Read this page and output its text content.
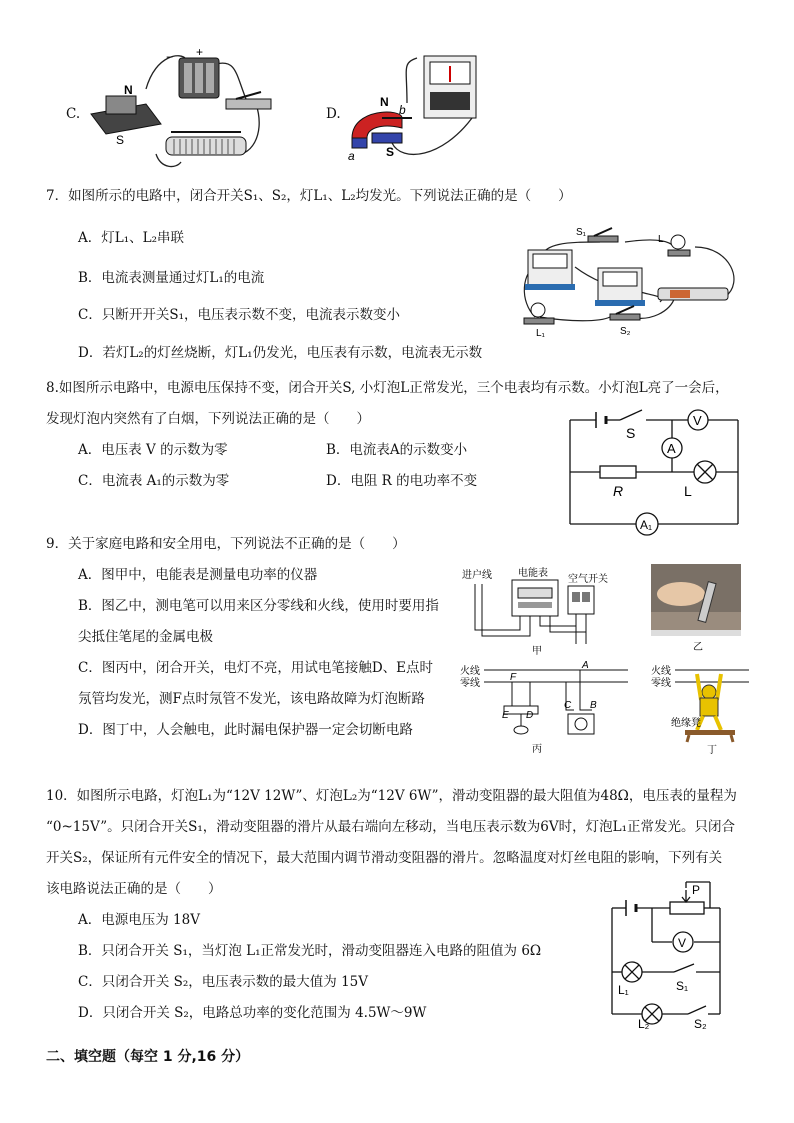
C.
− +
N
S
D.
N
b
S
a
7．如图所示的电路中，闭合开关S₁、S₂，灯L₁、L₂均发光。下列说法正确的是（　　）
A．灯L₁、L₂串联
B．电流表测量通过灯L₁的电流
C．只断开开关S₁，电压表示数不变，电流表示数变小
D．若灯L₂的灯丝烧断，灯L₁仍发光，电压表有示数，电流表无示数
S₁
L
L₁	S₂
8.如图所示电路中，电源电压保持不变，闭合开关S, 小灯泡L正常发光，三个电表均有示数。小灯泡L亮了一会后，
发现灯泡内突然有了白烟，下列说法正确的是（　　）
A．电压表 V 的示数为零	B．电流表A的示数变小
C．电流表 A₁的示数为零	D．电阻 R 的电功率不变
S
V
A
R	L
A₁
9．关于家庭电路和安全用电，下列说法不正确的是（　　）
A．图甲中，电能表是测量电功率的仪器
B．图乙中，测电笔可以用来区分零线和火线，使用时要用指
尖抵住笔尾的金属电极
C．图丙中，闭合开关，电灯不亮，用试电笔接触D、E点时
氖管均发光，测F点时氖管不发光，该电路故障为灯泡断路
D．图丁中，人会触电，此时漏电保护器一定会切断电路
进户线	电能表
空气开关
甲	乙
火线
零线
F
A
E D
C B
丙
火线
零线
绝缘凳
丁
10．如图所示电路，灯泡L₁为“12V 12W”、灯泡L₂为“12V 6W”，滑动变阻器的最大阻值为48Ω，电压表的量程为
“0~15V”。只闭合开关S₁，滑动变阻器的滑片从最右端向左移动，当电压表示数为6V时，灯泡L₁正常发光。只闭合
开关S₂，保证所有元件安全的情况下，最大范围内调节滑动变阻器的滑片。忽略温度对灯丝电阻的影响，下列有关
该电路说法正确的是（　　）
A．电源电压为 18V
B．只闭合开关 S₁，当灯泡 L₁正常发光时，滑动变阻器连入电路的阻值为 6Ω
C．只闭合开关 S₂，电压表示数的最大值为 15V
D．只闭合开关 S₂，电路总功率的变化范围为 4.5W～9W
P
V
L₁	S₁
L₂	S₂
二、填空题（每空 1 分,16 分）
